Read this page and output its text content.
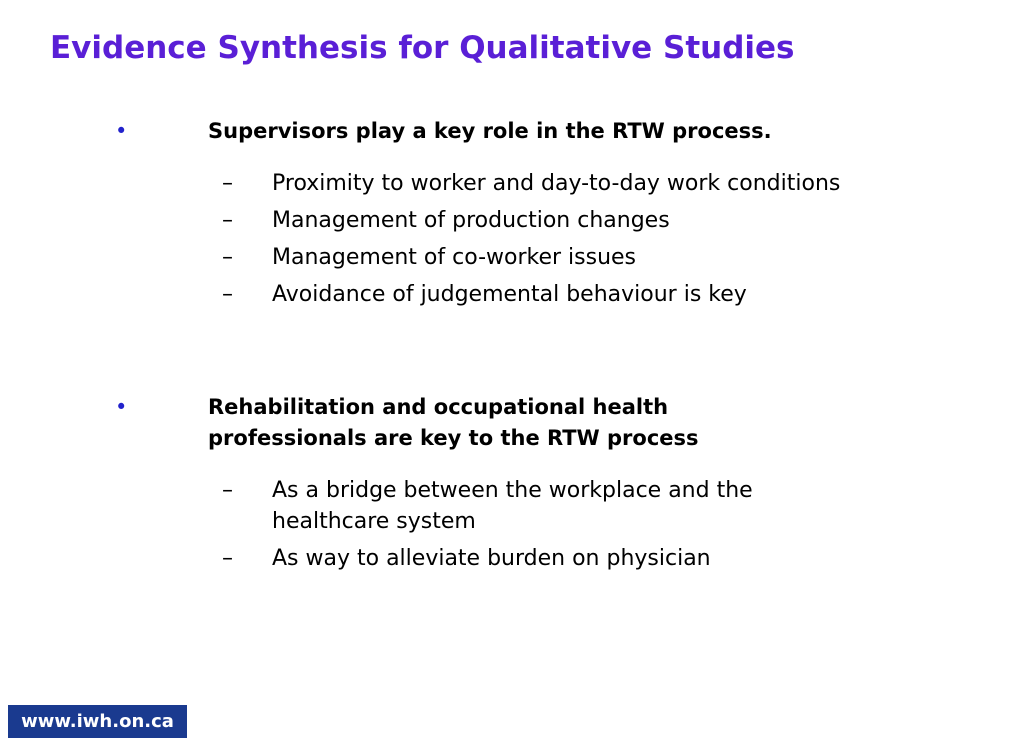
Evidence Synthesis for Qualitative Studies
•	Supervisors play a key role in the RTW process.

– Proximity to worker and day-to-day work conditions
– Management of production changes
– Management of co-worker issues
– Avoidance of judgemental behaviour is key
•	Rehabilitation and occupational health professionals are key to the RTW process

– As a bridge between the workplace and the healthcare system
– As way to alleviate burden on physician
www.iwh.on.ca
